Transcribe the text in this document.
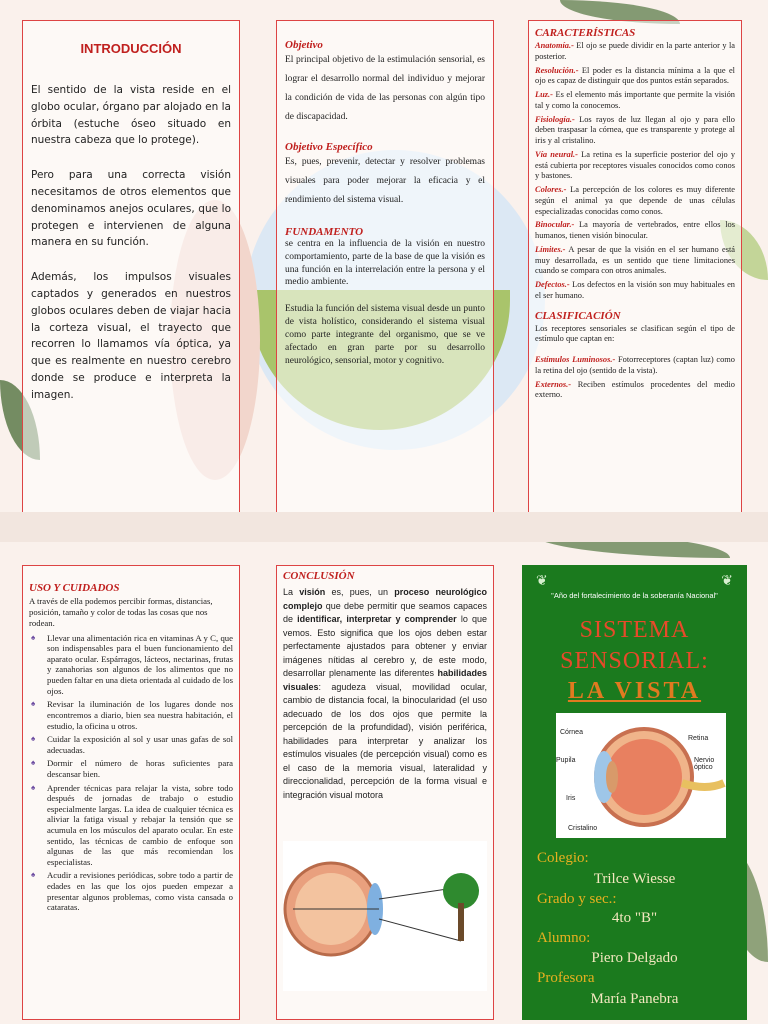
INTRODUCCIÓN

El sentido de la vista reside en el globo ocular, órgano par alojado en la órbita (estuche óseo situado en nuestra cabeza que lo protege).

Pero para una correcta visión necesitamos de otros elementos que denominamos anejos oculares, que lo protegen e intervienen de alguna manera en su función.

Además, los impulsos visuales captados y generados en nuestros globos oculares deben de viajar hacia la corteza visual, el trayecto que recorren lo llamamos vía óptica, ya que es realmente en nuestro cerebro donde se produce e interpreta la imagen.

Objetivo

El principal objetivo de la estimulación sensorial, es lograr el desarrollo normal del individuo y mejorar la condición de vida de las personas con algún tipo de discapacidad.

Objetivo Específico

Es, pues, prevenir, detectar y resolver problemas visuales para poder mejorar la eficacia y el rendimiento del sistema visual.

FUNDAMENTO

se centra en la influencia de la visión en nuestro comportamiento, parte de la base de que la visión es una función en la interrelación entre la persona y el medio ambiente.

Estudia la función del sistema visual desde un punto de vista holístico, considerando el sistema visual como parte integrante del organismo, que se ve afectado en gran parte por su desarrollo neurológico, sensorial, motor y cognitivo.

CARACTERÍSTICAS

Anatomía.- El ojo se puede dividir en la parte anterior y la posterior.

Resolución.- El poder es la distancia mínima a la que el ojo es capaz de distinguir que dos puntos están separados.

Luz.- Es el elemento más importante que permite la visión tal y como la conocemos.

Fisiología.- Los rayos de luz llegan al ojo y para ello deben traspasar la córnea, que es transparente y protege al iris y al cristalino.

Vía neural.- La retina es la superficie posterior del ojo y está cubierta por receptores visuales conocidos como conos y bastones.

Colores.- La percepción de los colores es muy diferente según el animal ya que depende de unas células especializadas conocidas como conos.

Binocular.- La mayoría de vertebrados, entre ellos los humanos, tienen visión binocular.

Límites.- A pesar de que la visión en el ser humano está muy desarrollada, es un sentido que tiene limitaciones cuando se compara con otros animales.

Defectos.- Los defectos en la visión son muy habituales en el ser humano.

CLASIFICACIÓN

Los receptores sensoriales se clasifican según el tipo de estímulo que captan en:

Estímulos Luminosos.- Fotorreceptores (captan luz) como la retina del ojo (sentido de la vista).

Externos.- Reciben estímulos procedentes del medio externo.

USO Y CUIDADOS

A través de ella podemos percibir formas, distancias, posición, tamaño y color de todas las cosas que nos rodean.

♠ Llevar una alimentación rica en vitaminas A y C, que son indispensables para el buen funcionamiento del aparato ocular. Espárragos, lácteos, nectarinas, frutas y zanahorias son algunos de los alimentos que no pueden faltar en una dieta orientada al cuidado de los ojos.
♠ Revisar la iluminación de los lugares donde nos encontremos a diario, bien sea nuestra habitación, el estudio, la oficina u otros.
♠ Cuidar la exposición al sol y usar unas gafas de sol adecuadas.
♠ Dormir el número de horas suficientes para descansar bien.
♠ Aprender técnicas para relajar la vista, sobre todo después de jornadas de trabajo o estudio especialmente largas. La idea de cualquier técnica es aliviar la fatiga visual y rebajar la tensión que se acumula en los músculos del aparato ocular. En este sentido, las técnicas de cambio de enfoque son algunas de las que más recomiendan los especialistas.
♠ Acudir a revisiones periódicas, sobre todo a partir de edades en las que los ojos pueden empezar a presentar algunos problemas, como vista cansada o cataratas.
CONCLUSIÓN

La visión es, pues, un proceso neurológico complejo que debe permitir que seamos capaces de identificar, interpretar y comprender lo que vemos. Esto significa que los ojos deben estar perfectamente ajustados para obtener y enviar imágenes nítidas al cerebro y, de este modo, desarrollar plenamente las diferentes habilidades visuales: agudeza visual, movilidad ocular, cambio de distancia focal, la binocularidad (el uso adecuado de los dos ojos que permite la percepción de la profundidad), visión periférica, habilidades para interpretar y analizar los estímulos visuales (de percepción visual) como es el caso de la memoria visual, lateralidad y direccionalidad, percepción de la forma visual e integración visual motora

❦	❦
"Año del fortalecimiento de la soberanía Nacional"
SISTEMA
SENSORIAL:
LA VISTA
Córnea
Retina
Pupila	Nervio óptico
Iris
Cristalino
Colegio:
Trilce Wiesse
Grado y sec.:
4to "B"
Alumno:
Piero Delgado
Profesora
María Panebra
